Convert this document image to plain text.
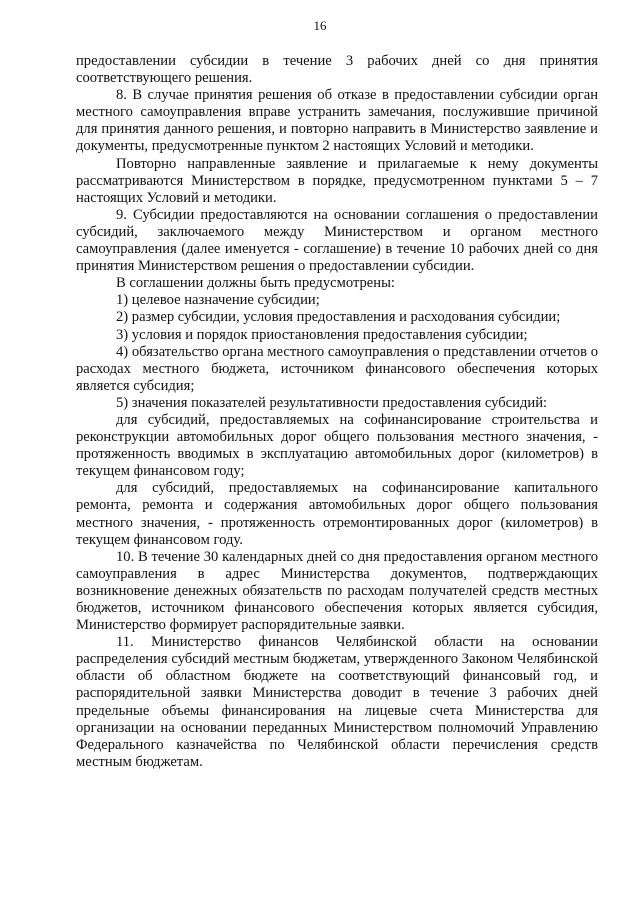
16

предоставлении субсидии в течение 3 рабочих дней со дня принятия соответствующего решения.

8. В случае принятия решения об отказе в предоставлении субсидии орган местного самоуправления вправе устранить замечания, послужившие причиной для принятия данного решения, и повторно направить в Министерство заявление и документы, предусмотренные пунктом 2 настоящих Условий и методики.

Повторно направленные заявление и прилагаемые к нему документы рассматриваются Министерством в порядке, предусмотренном пунктами 5 – 7 настоящих Условий и методики.

9. Субсидии предоставляются на основании соглашения о предоставлении субсидий, заключаемого между Министерством и органом местного самоуправления (далее именуется - соглашение) в течение 10 рабочих дней со дня принятия Министерством решения о предоставлении субсидии.

В соглашении должны быть предусмотрены:

1) целевое назначение субсидии;

2) размер субсидии, условия предоставления и расходования субсидии;

3) условия и порядок приостановления предоставления субсидии;

4) обязательство органа местного самоуправления о представлении отчетов о расходах местного бюджета, источником финансового обеспечения которых является субсидия;

5) значения показателей результативности предоставления субсидий:

для субсидий, предоставляемых на софинансирование строительства и реконструкции автомобильных дорог общего пользования местного значения, - протяженность вводимых в эксплуатацию автомобильных дорог (километров) в текущем финансовом году;

для субсидий, предоставляемых на софинансирование капитального ремонта, ремонта и содержания автомобильных дорог общего пользования местного значения, - протяженность отремонтированных дорог (километров) в текущем финансовом году.

10. В течение 30 календарных дней со дня предоставления органом местного самоуправления в адрес Министерства документов, подтверждающих возникновение денежных обязательств по расходам получателей средств местных бюджетов, источником финансового обеспечения которых является субсидия, Министерство формирует распорядительные заявки.

11. Министерство финансов Челябинской области на основании распределения субсидий местным бюджетам, утвержденного Законом Челябинской области об областном бюджете на соответствующий финансовый год, и распорядительной заявки Министерства доводит в течение 3 рабочих дней предельные объемы финансирования на лицевые счета Министерства для организации на основании переданных Министерством полномочий Управлению Федерального казначейства по Челябинской области перечисления средств местным бюджетам.
